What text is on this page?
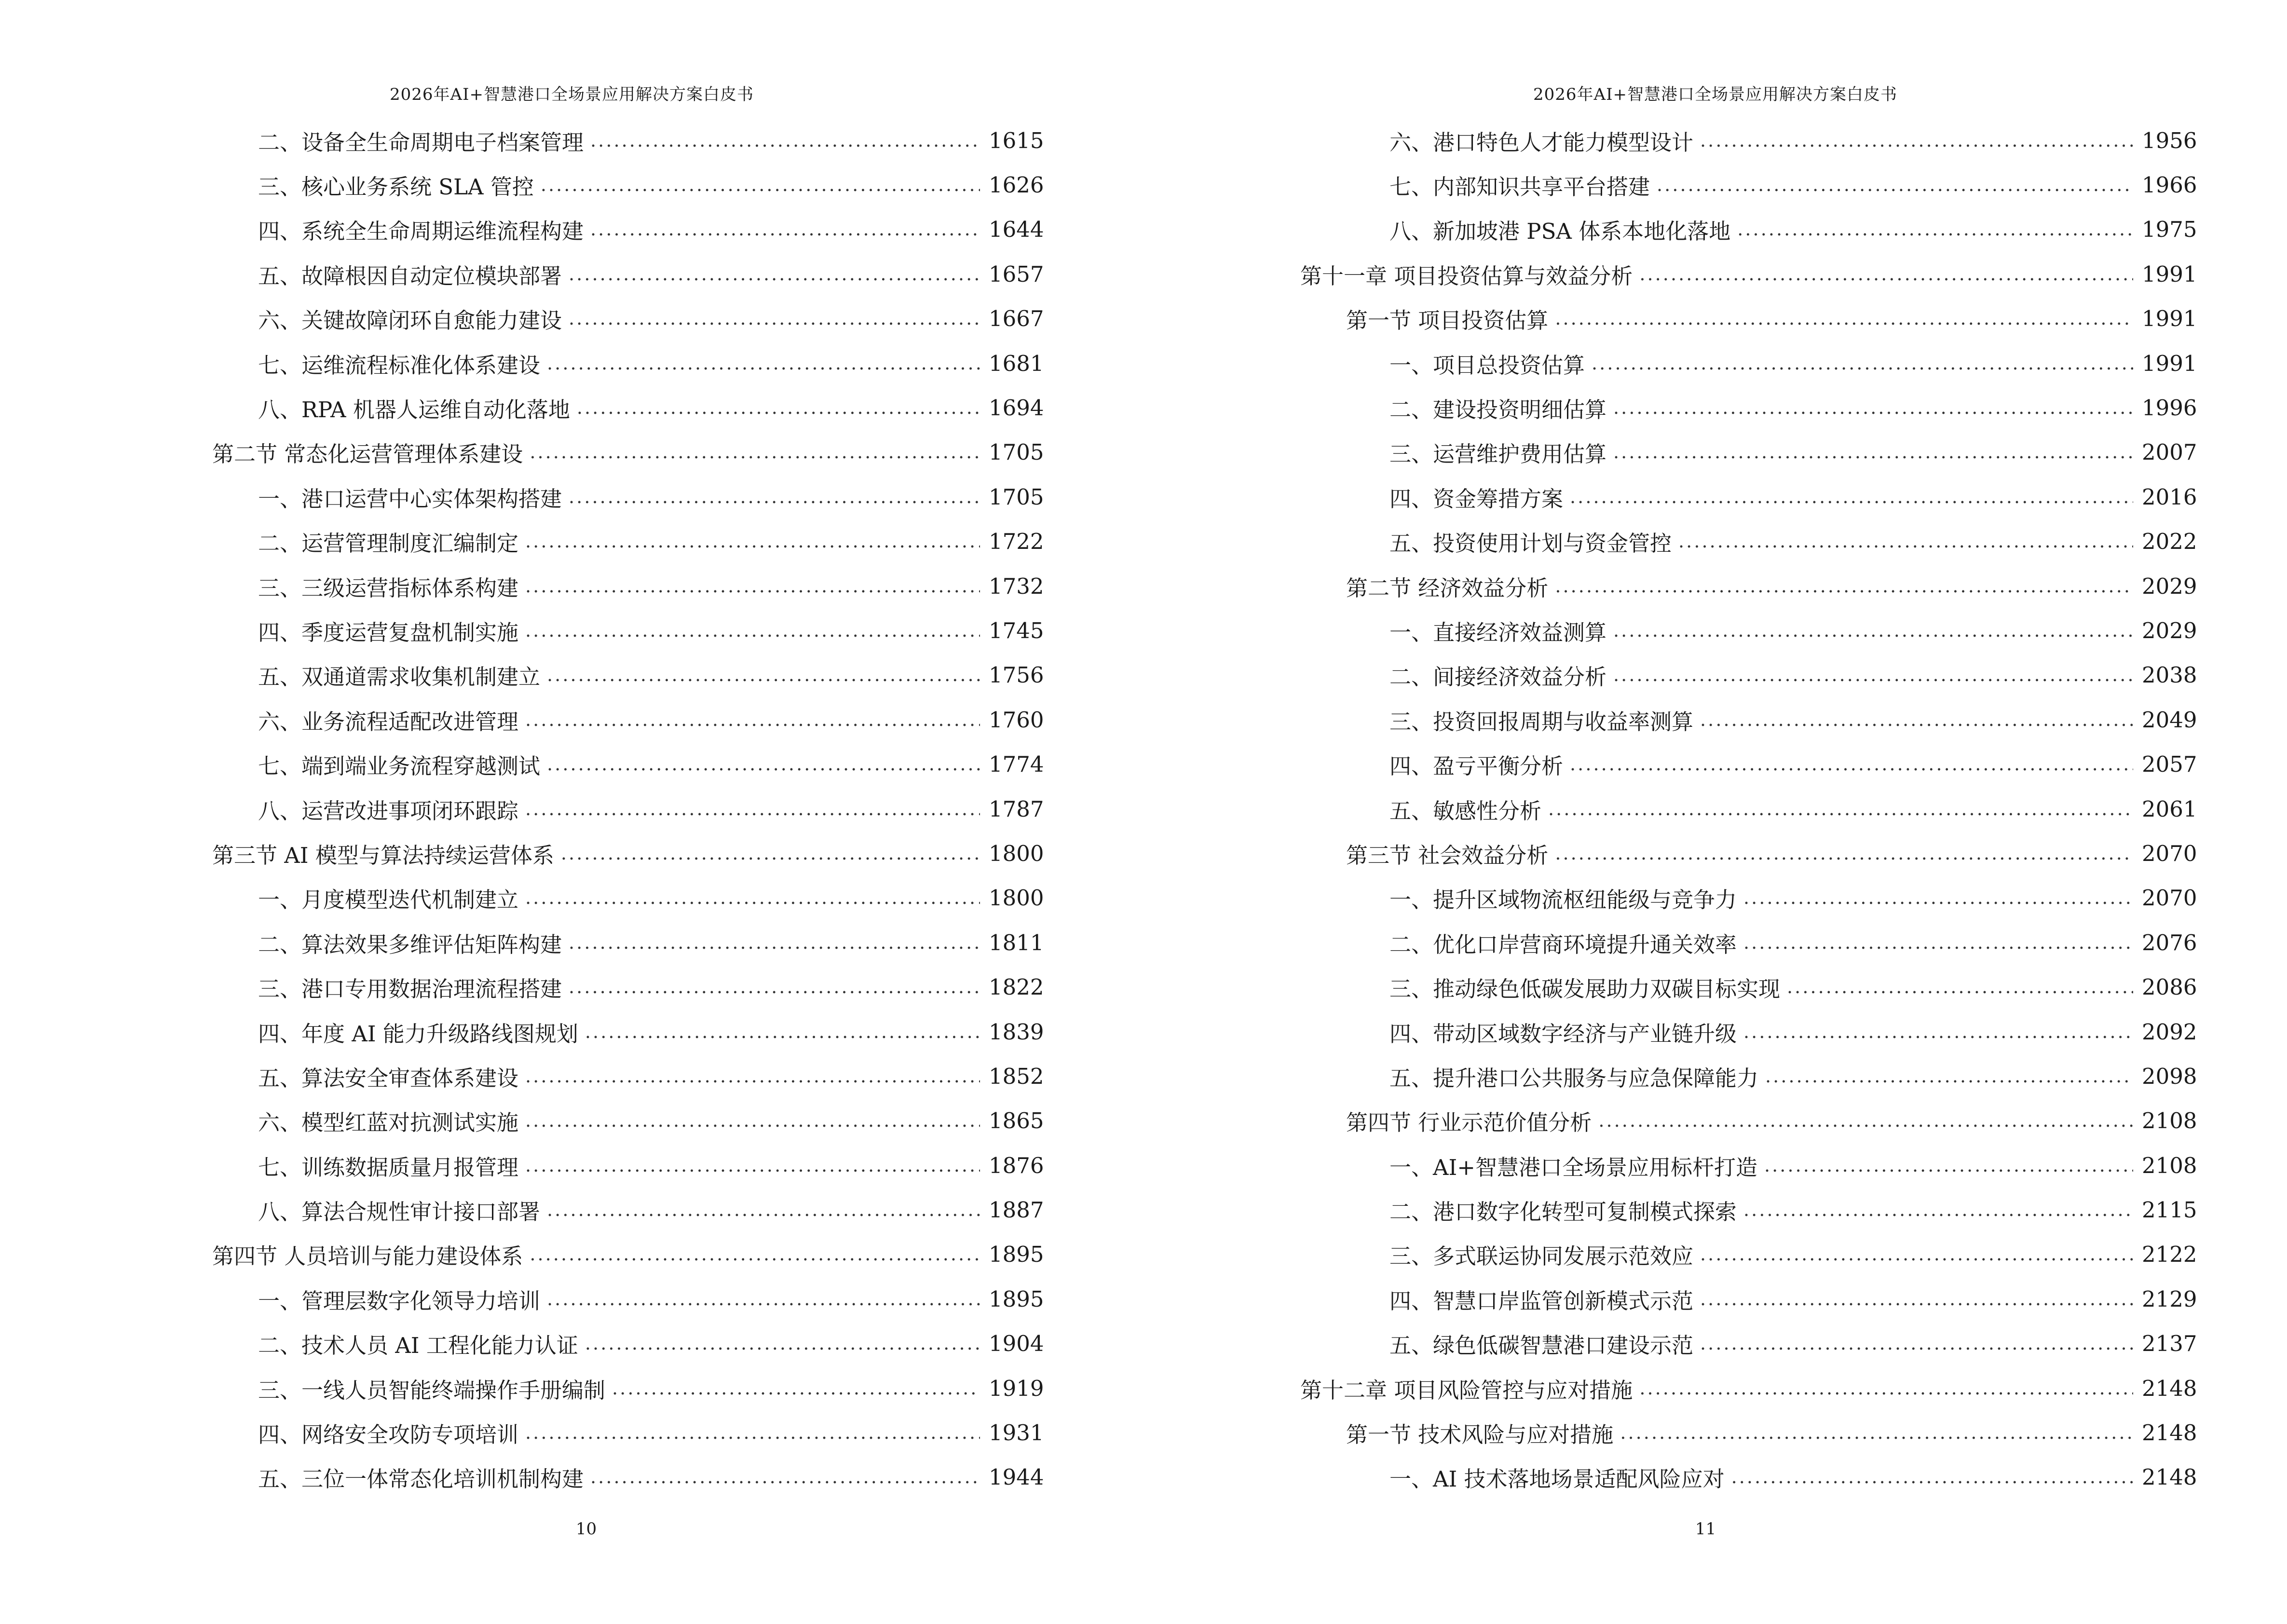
2026年AI+智慧港口全场景应用解决方案白皮书
二、设备全生命周期电子档案管理 . . .	1615
三、核心业务系统 SLA 管控 . . .	1626
四、系统全生命周期运维流程构建 . . .	1644
五、故障根因自动定位模块部署 . . .	1657
六、关键故障闭环自愈能力建设 . . .	1667
七、运维流程标准化体系建设 . . .	1681
八、RPA 机器人运维自动化落地 . . .	1694
第二节 常态化运营管理体系建设 . . .	1705
一、港口运营中心实体架构搭建 . . .	1705
二、运营管理制度汇编制定 . . .	1722
三、三级运营指标体系构建 . . .	1732
四、季度运营复盘机制实施 . . .	1745
五、双通道需求收集机制建立 . . .	1756
六、业务流程适配改进管理 . . .	1760
七、端到端业务流程穿越测试 . . .	1774
八、运营改进事项闭环跟踪 . . .	1787
第三节 AI 模型与算法持续运营体系 . . .	1800
一、月度模型迭代机制建立 . . .	1800
二、算法效果多维评估矩阵构建 . . .	1811
三、港口专用数据治理流程搭建 . . .	1822
四、年度 AI 能力升级路线图规划 . . .	1839
五、算法安全审查体系建设 . . .	1852
六、模型红蓝对抗测试实施 . . .	1865
七、训练数据质量月报管理 . . .	1876
八、算法合规性审计接口部署 . . .	1887
第四节 人员培训与能力建设体系 . . .	1895
一、管理层数字化领导力培训 . . .	1895
二、技术人员 AI 工程化能力认证 . . .	1904
三、一线人员智能终端操作手册编制 . . .	1919
四、网络安全攻防专项培训 . . .	1931
五、三位一体常态化培训机制构建 . . .	1944
10
2026年AI+智慧港口全场景应用解决方案白皮书
六、港口特色人才能力模型设计 . . .	1956
七、内部知识共享平台搭建 . . .	1966
八、新加坡港 PSA 体系本地化落地 . . .	1975
第十一章 项目投资估算与效益分析 . . .	1991
第一节 项目投资估算 . . .	1991
一、项目总投资估算 . . .	1991
二、建设投资明细估算 . . .	1996
三、运营维护费用估算 . . .	2007
四、资金筹措方案 . . .	2016
五、投资使用计划与资金管控 . . .	2022
第二节 经济效益分析 . . .	2029
一、直接经济效益测算 . . .	2029
二、间接经济效益分析 . . .	2038
三、投资回报周期与收益率测算 . . .	2049
四、盈亏平衡分析 . . .	2057
五、敏感性分析 . . .	2061
第三节 社会效益分析 . . .	2070
一、提升区域物流枢纽能级与竞争力 . . .	2070
二、优化口岸营商环境提升通关效率 . . .	2076
三、推动绿色低碳发展助力双碳目标实现 . . .	2086
四、带动区域数字经济与产业链升级 . . .	2092
五、提升港口公共服务与应急保障能力 . . .	2098
第四节 行业示范价值分析 . . .	2108
一、AI+智慧港口全场景应用标杆打造 . . .	2108
二、港口数字化转型可复制模式探索 . . .	2115
三、多式联运协同发展示范效应 . . .	2122
四、智慧口岸监管创新模式示范 . . .	2129
五、绿色低碳智慧港口建设示范 . . .	2137
第十二章 项目风险管控与应对措施 . . .	2148
第一节 技术风险与应对措施 . . .	2148
一、AI 技术落地场景适配风险应对 . . .	2148
11
